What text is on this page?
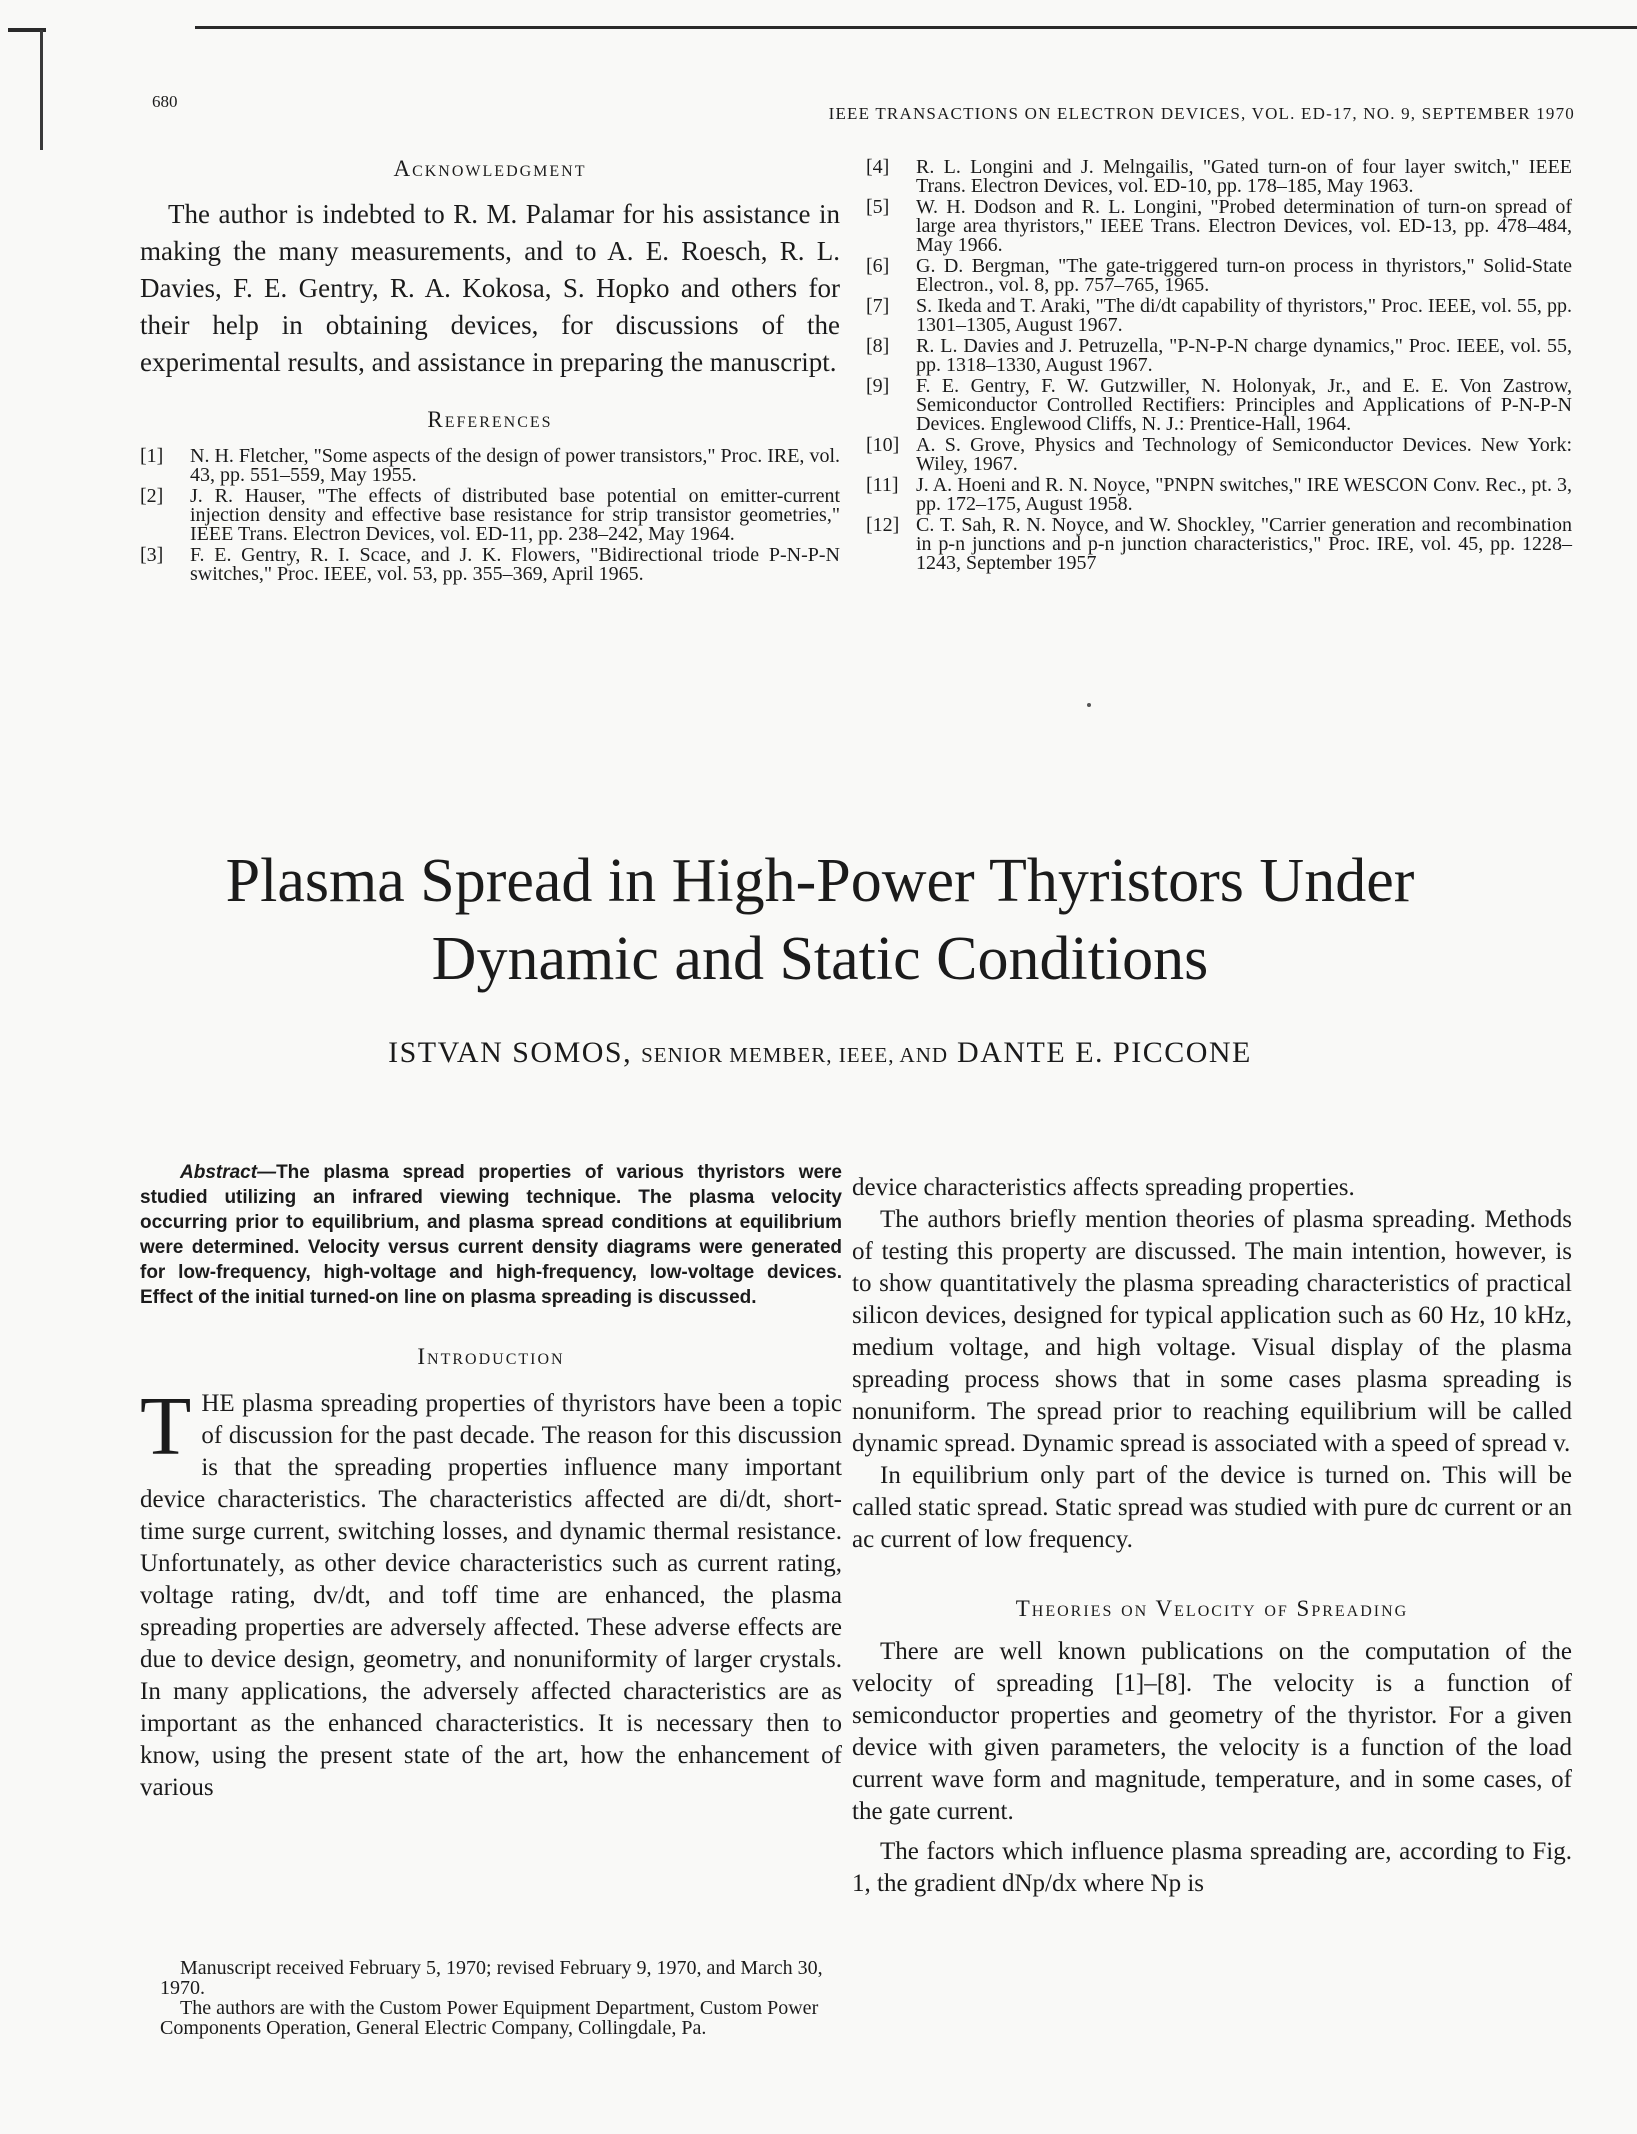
680
IEEE TRANSACTIONS ON ELECTRON DEVICES, VOL. ED-17, NO. 9, SEPTEMBER 1970
Acknowledgment

The author is indebted to R. M. Palamar for his assistance in making the many measurements, and to A. E. Roesch, R. L. Davies, F. E. Gentry, R. A. Kokosa, S. Hopko and others for their help in obtaining devices, for discussions of the experimental results, and assistance in preparing the manuscript.

References
[1]	N. H. Fletcher, "Some aspects of the design of power transistors," Proc. IRE, vol. 43, pp. 551–559, May 1955.
[2]	J. R. Hauser, "The effects of distributed base potential on emitter-current injection density and effective base resistance for strip transistor geometries," IEEE Trans. Electron Devices, vol. ED-11, pp. 238–242, May 1964.
[3]	F. E. Gentry, R. I. Scace, and J. K. Flowers, "Bidirectional triode P-N-P-N switches," Proc. IEEE, vol. 53, pp. 355–369, April 1965.
[4]	R. L. Longini and J. Melngailis, "Gated turn-on of four layer switch," IEEE Trans. Electron Devices, vol. ED-10, pp. 178–185, May 1963.
[5]	W. H. Dodson and R. L. Longini, "Probed determination of turn-on spread of large area thyristors," IEEE Trans. Electron Devices, vol. ED-13, pp. 478–484, May 1966.
[6]	G. D. Bergman, "The gate-triggered turn-on process in thyristors," Solid-State Electron., vol. 8, pp. 757–765, 1965.
[7]	S. Ikeda and T. Araki, "The di/dt capability of thyristors," Proc. IEEE, vol. 55, pp. 1301–1305, August 1967.
[8]	R. L. Davies and J. Petruzella, "P-N-P-N charge dynamics," Proc. IEEE, vol. 55, pp. 1318–1330, August 1967.
[9]	F. E. Gentry, F. W. Gutzwiller, N. Holonyak, Jr., and E. E. Von Zastrow, Semiconductor Controlled Rectifiers: Principles and Applications of P-N-P-N Devices. Englewood Cliffs, N. J.: Prentice-Hall, 1964.
[10] A. S. Grove, Physics and Technology of Semiconductor Devices. New York: Wiley, 1967.
[11] J. A. Hoeni and R. N. Noyce, "PNPN switches," IRE WESCON Conv. Rec., pt. 3, pp. 172–175, August 1958.
[12] C. T. Sah, R. N. Noyce, and W. Shockley, "Carrier generation and recombination in p-n junctions and p-n junction characteristics," Proc. IRE, vol. 45, pp. 1228–1243, September 1957
Plasma Spread in High-Power Thyristors Under
Dynamic and Static Conditions
ISTVAN SOMOS, SENIOR MEMBER, IEEE, AND DANTE E. PICCONE

Abstract—The plasma spread properties of various thyristors were studied utilizing an infrared viewing technique. The plasma velocity occurring prior to equilibrium, and plasma spread conditions at equilibrium were determined. Velocity versus current density diagrams were generated for low-frequency, high-voltage and high-frequency, low-voltage devices. Effect of the initial turned-on line on plasma spreading is discussed.

Introduction

THE plasma spreading properties of thyristors have been a topic of discussion for the past decade. The reason for this discussion is that the spreading properties influence many important device characteristics. The characteristics affected are di/dt, short-time surge current, switching losses, and dynamic thermal resistance. Unfortunately, as other device characteristics such as current rating, voltage rating, dv/dt, and toff time are enhanced, the plasma spreading properties are adversely affected. These adverse effects are due to device design, geometry, and nonuniformity of larger crystals. In many applications, the adversely affected characteristics are as important as the enhanced characteristics. It is necessary then to know, using the present state of the art, how the enhancement of various

device characteristics affects spreading properties.

The authors briefly mention theories of plasma spreading. Methods of testing this property are discussed. The main intention, however, is to show quantitatively the plasma spreading characteristics of practical silicon devices, designed for typical application such as 60 Hz, 10 kHz, medium voltage, and high voltage. Visual display of the plasma spreading process shows that in some cases plasma spreading is nonuniform. The spread prior to reaching equilibrium will be called dynamic spread. Dynamic spread is associated with a speed of spread v.

In equilibrium only part of the device is turned on. This will be called static spread. Static spread was studied with pure dc current or an ac current of low frequency.

Theories on Velocity of Spreading

There are well known publications on the computation of the velocity of spreading [1]–[8]. The velocity is a function of semiconductor properties and geometry of the thyristor. For a given device with given parameters, the velocity is a function of the load current wave form and magnitude, temperature, and in some cases, of the gate current.

The factors which influence plasma spreading are, according to Fig. 1, the gradient dNp/dx where Np is

Manuscript received February 5, 1970; revised February 9, 1970, and March 30, 1970.

The authors are with the Custom Power Equipment Department, Custom Power Components Operation, General Electric Company, Collingdale, Pa.
